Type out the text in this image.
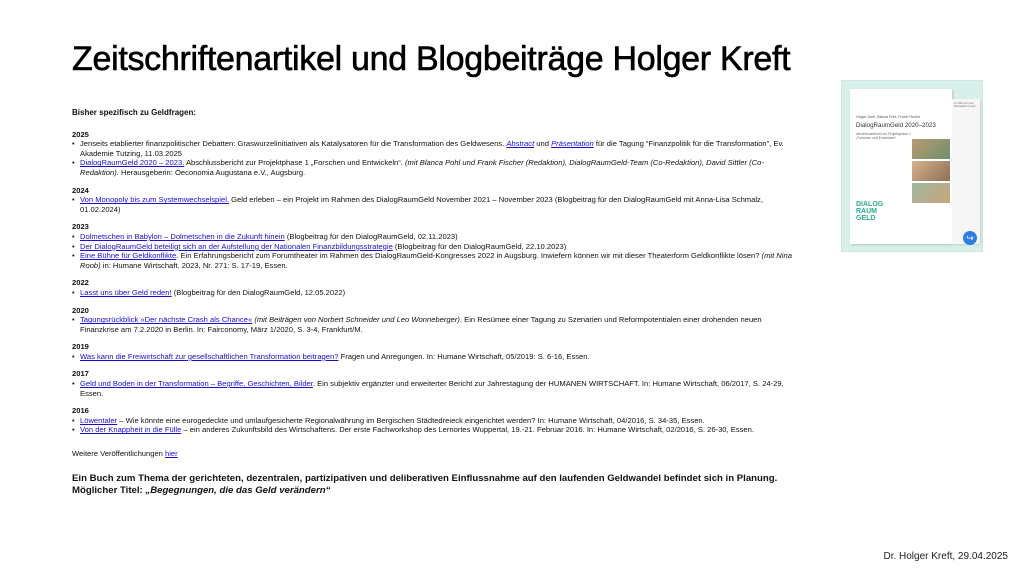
Zeitschriftenartikel und Blogbeiträge Holger Kreft
Bisher spezifisch zu Geldfragen:
2025
• Jenseits etablierter finanzpolitischer Debatten: Graswurzelinitiativen als Katalysatoren für die Transformation des Geldwesens. Abstract und Präsentation für die Tagung “Finanzpolitik für die Transformation”, Ev. Akademie Tutzing, 11.03.2025
• DialogRaumGeld 2020 – 2023. Abschlussbericht zur Projektphase 1 „Forschen und Entwickeln“. (mit Blanca Pohl und Frank Fischer (Redaktion), DialogRaumGeld-Team (Co-Redaktion), David Sittler (Co-Redaktion). Herausgeberin: Oeconomia Augustana e.V., Augsburg.
2024
• Von Monopoly bis zum Systemwechselspiel. Geld erleben – ein Projekt im Rahmen des DialogRaumGeld November 2021 – November 2023 (Blogbeitrag für den DialogRaumGeld mit Anna-Lisa Schmalz, 01.02.2024)
2023
• Dolmetschen in Babylon – Dolmetschen in die Zukunft hinein (Blogbeitrag für den DialogRaumGeld, 02.11.2023)
• Der DialogRaumGeld beteiligt sich an der Aufstellung der Nationalen Finanzbildungsstrategie (Blogbeitrag für den DialogRaumGeld, 22.10.2023)
• Eine Bühne für Geldkonflikte. Ein Erfahrungsbericht zum Forumtheater im Rahmen des DialogRaumGeld-Kongresses 2022 in Augsburg. Inwiefern können wir mit dieser Theaterform Geldkonflikte lösen? (mit Nina Roob) in: Humane Wirtschaft. 2023, Nr. 271: S. 17-19, Essen.
2022
• Lasst uns über Geld reden! (Blogbeitrag für den DialogRaumGeld, 12.05.2022)
2020
• Tagungsrückblick »Der nächste Crash als Chance« (mit Beiträgen von Norbert Schneider und Leo Wonneberger). Ein Resümee einer Tagung zu Szenarien und Reformpotentialen einer drohenden neuen Finanzkrise am 7.2.2020 in Berlin. In: Fairconomy, März 1/2020, S. 3-4, Frankfurt/M.
2019
• Was kann die Freiwirtschaft zur gesellschaftlichen Transformation beitragen? Fragen und Anregungen. In: Humane Wirtschaft, 05/2019: S. 6-16, Essen.
2017
• Geld und Boden in der Transformation – Begriffe, Geschichten, Bilder. Ein subjektiv ergänzter und erweiterter Bericht zur Jahrestagung der HUMANEN WIRTSCHAFT. In: Humane Wirtschaft, 06/2017, S. 24-29, Essen.
2016
• Löwentaler – Wie könnte eine eurogedeckte und umlaufgesicherte Regionalwährung im Bergischen Städtedreieck eingerichtet werden? In: Humane Wirtschaft, 04/2016, S. 34-35, Essen.
• Von der Knappheit in die Fülle – ein anderes Zukunftsbild des Wirtschaftens. Der erste Fachworkshop des Lernortes Wuppertal, 19.-21. Februar 2016. In: Humane Wirtschaft, 02/2016, S. 26-30, Essen.
Weitere Veröffentlichungen hier
Ein Buch zum Thema der gerichteten, dezentralen, partizipativen und deliberativen Einflussnahme auf den laufenden Geldwandel befindet sich in Planung.
Möglicher Titel: „Begegnungen, die das Geld verändern“
Holger Kreft, Blanca Pohl, Frank Fischer
DialogRaumGeld 2020–2023
Abschlussbericht zur Projektphase 1 „Forschen und Entwickeln“
DIALOG
RAUM
GELD
Im Rahmen des DialogRaumGeld
↪
Dr. Holger Kreft, 29.04.2025
